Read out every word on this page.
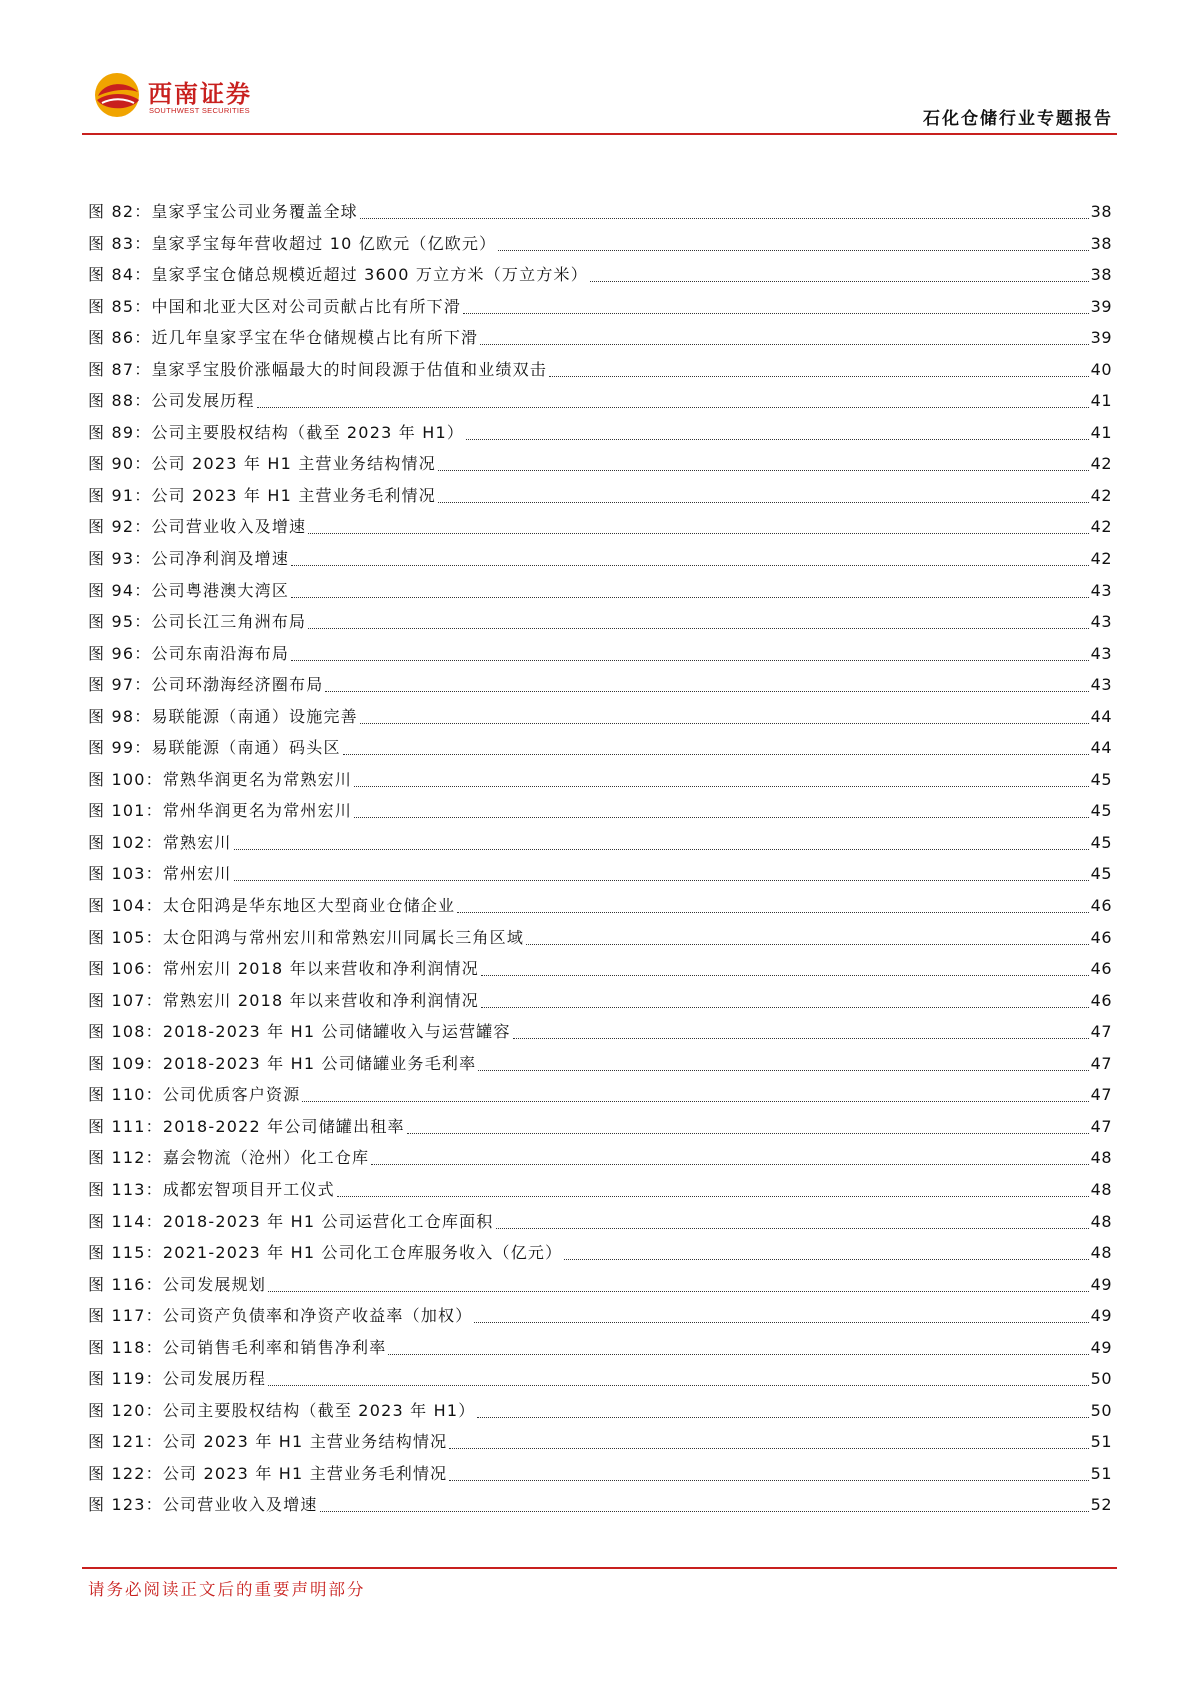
西南证券
SOUTHWEST SECURITIES	石化仓储行业专题报告
图 82：皇家孚宝公司业务覆盖全球	38
图 83：皇家孚宝每年营收超过 10 亿欧元（亿欧元）	38
图 84：皇家孚宝仓储总规模近超过 3600 万立方米（万立方米）	38
图 85：中国和北亚大区对公司贡献占比有所下滑	39
图 86：近几年皇家孚宝在华仓储规模占比有所下滑	39
图 87：皇家孚宝股价涨幅最大的时间段源于估值和业绩双击	40
图 88：公司发展历程	41
图 89：公司主要股权结构（截至 2023 年 H1）	41
图 90：公司 2023 年 H1 主营业务结构情况	42
图 91：公司 2023 年 H1 主营业务毛利情况	42
图 92：公司营业收入及增速	42
图 93：公司净利润及增速	42
图 94：公司粤港澳大湾区	43
图 95：公司长江三角洲布局	43
图 96：公司东南沿海布局	43
图 97：公司环渤海经济圈布局	43
图 98：易联能源（南通）设施完善	44
图 99：易联能源（南通）码头区	44
图 100：常熟华润更名为常熟宏川	45
图 101：常州华润更名为常州宏川	45
图 102：常熟宏川	45
图 103：常州宏川	45
图 104：太仓阳鸿是华东地区大型商业仓储企业	46
图 105：太仓阳鸿与常州宏川和常熟宏川同属长三角区域	46
图 106：常州宏川 2018 年以来营收和净利润情况	46
图 107：常熟宏川 2018 年以来营收和净利润情况	46
图 108：2018-2023 年 H1 公司储罐收入与运营罐容	47
图 109：2018-2023 年 H1 公司储罐业务毛利率	47
图 110：公司优质客户资源	47
图 111：2018-2022 年公司储罐出租率	47
图 112：嘉会物流（沧州）化工仓库	48
图 113：成都宏智项目开工仪式	48
图 114：2018-2023 年 H1 公司运营化工仓库面积	48
图 115：2021-2023 年 H1 公司化工仓库服务收入（亿元）	48
图 116：公司发展规划	49
图 117：公司资产负债率和净资产收益率（加权）	49
图 118：公司销售毛利率和销售净利率	49
图 119：公司发展历程	50
图 120：公司主要股权结构（截至 2023 年 H1）	50
图 121：公司 2023 年 H1 主营业务结构情况	51
图 122：公司 2023 年 H1 主营业务毛利情况	51
图 123：公司营业收入及增速	52
请务必阅读正文后的重要声明部分
